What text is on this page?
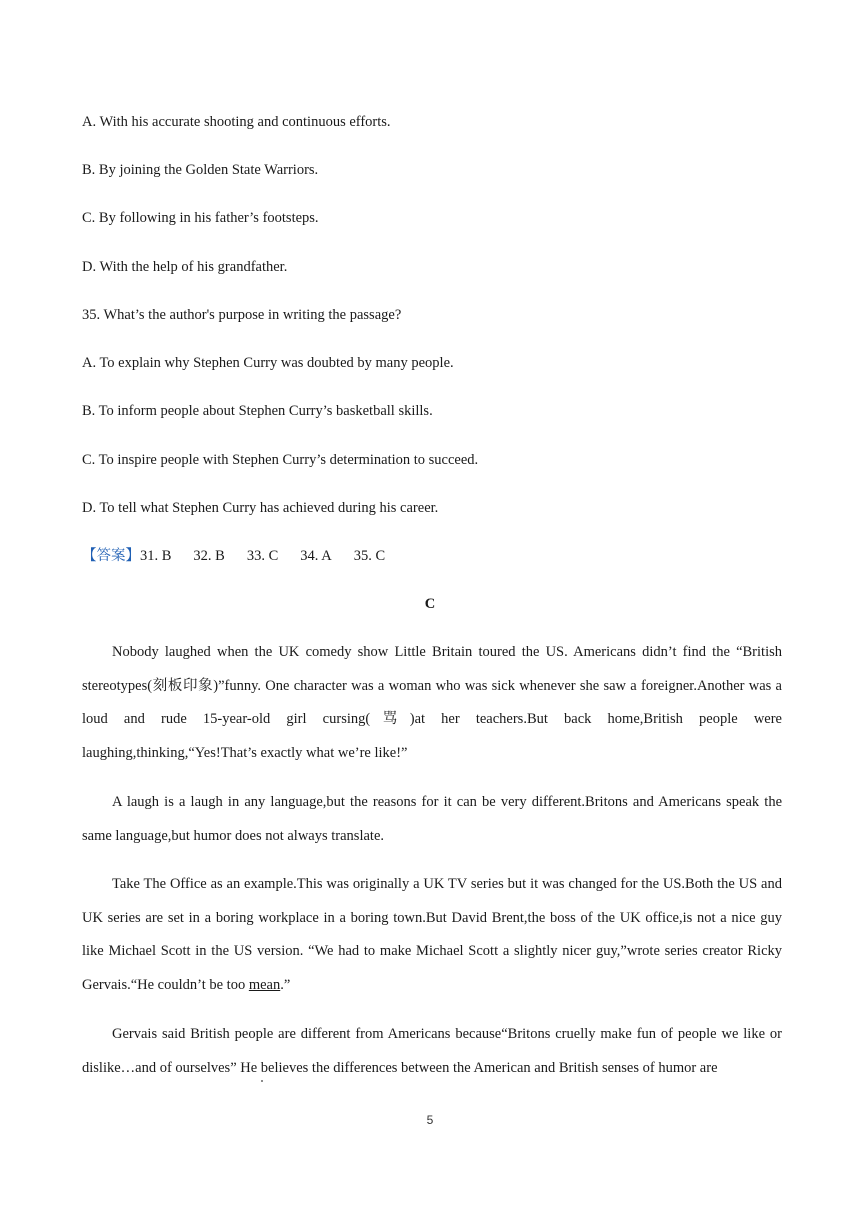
A. With his accurate shooting and continuous efforts.
B. By joining the Golden State Warriors.
C. By following in his father’s footsteps.
D. With the help of his grandfather.
35. What’s the author's purpose in writing the passage?
A. To explain why Stephen Curry was doubted by many people.
B. To inform people about Stephen Curry’s basketball skills.
C. To inspire people with Stephen Curry’s determination to succeed.
D. To tell what Stephen Curry has achieved during his career.
【答案】31. B 32. B 33. C 34. A 35. C
C
Nobody laughed when the UK comedy show Little Britain toured the US. Americans didn’t find the “British stereotypes(刻板印象)”funny. One character was a woman who was sick whenever she saw a foreigner.Another was a loud and rude 15-year-old girl cursing(骂)at her teachers.But back home,British people were laughing,thinking,“Yes!That’s exactly what we’re like!”
A laugh is a laugh in any language,but the reasons for it can be very different.Britons and Americans speak the same language,but humor does not always translate.
Take The Office as an example.This was originally a UK TV series but it was changed for the US.Both the US and UK series are set in a boring workplace in a boring town.But David Brent,the boss of the UK office,is not a nice guy like Michael Scott in the US version. “We had to make Michael Scott a slightly nicer guy,”wrote series creator Ricky Gervais.“He couldn’t be too mean.”
Gervais said British people are different from Americans because“Britons cruelly make fun of people we like or dislike…and of ourselves” He believes the differences between the American and British senses of humor are
5
